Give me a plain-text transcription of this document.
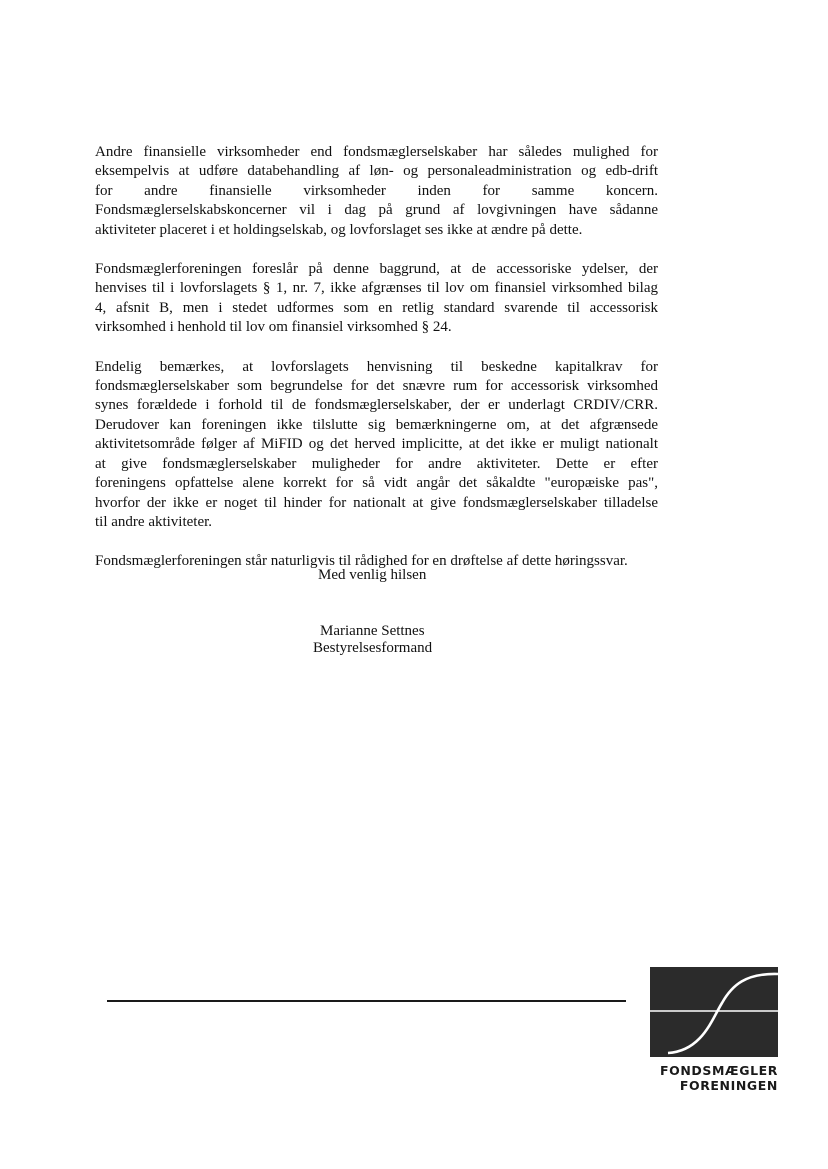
Andre finansielle virksomheder end fondsmæglerselskaber har således mulighed for
eksempelvis at udføre databehandling af løn- og personaleadministration og edb-drift
for andre finansielle virksomheder inden for samme koncern.
Fondsmæglerselskabskoncerner vil i dag på grund af lovgivningen have sådanne
aktiviteter placeret i et holdingselskab, og lovforslaget ses ikke at ændre på dette.

Fondsmæglerforeningen foreslår på denne baggrund, at de accessoriske ydelser, der
henvises til i lovforslagets § 1, nr. 7, ikke afgrænses til lov om finansiel virksomhed bilag
4, afsnit B, men i stedet udformes som en retlig standard svarende til accessorisk
virksomhed i henhold til lov om finansiel virksomhed § 24.

Endelig bemærkes, at lovforslagets henvisning til beskedne kapitalkrav for
fondsmæglerselskaber som begrundelse for det snævre rum for accessorisk virksomhed
synes forældede i forhold til de fondsmæglerselskaber, der er underlagt CRDIV/CRR.
Derudover kan foreningen ikke tilslutte sig bemærkningerne om, at det afgrænsede
aktivitetsområde følger af MiFID og det herved implicitte, at det ikke er muligt nationalt
at give fondsmæglerselskaber muligheder for andre aktiviteter. Dette er efter
foreningens opfattelse alene korrekt for så vidt angår det såkaldte "europæiske pas",
hvorfor der ikke er noget til hinder for nationalt at give fondsmæglerselskaber tilladelse
til andre aktiviteter.

Fondsmæglerforeningen står naturligvis til rådighed for en drøftelse af dette høringssvar.

Med venlig hilsen
Marianne Settnes
Bestyrelsesformand
FONDSMÆGLER
FORENINGEN
